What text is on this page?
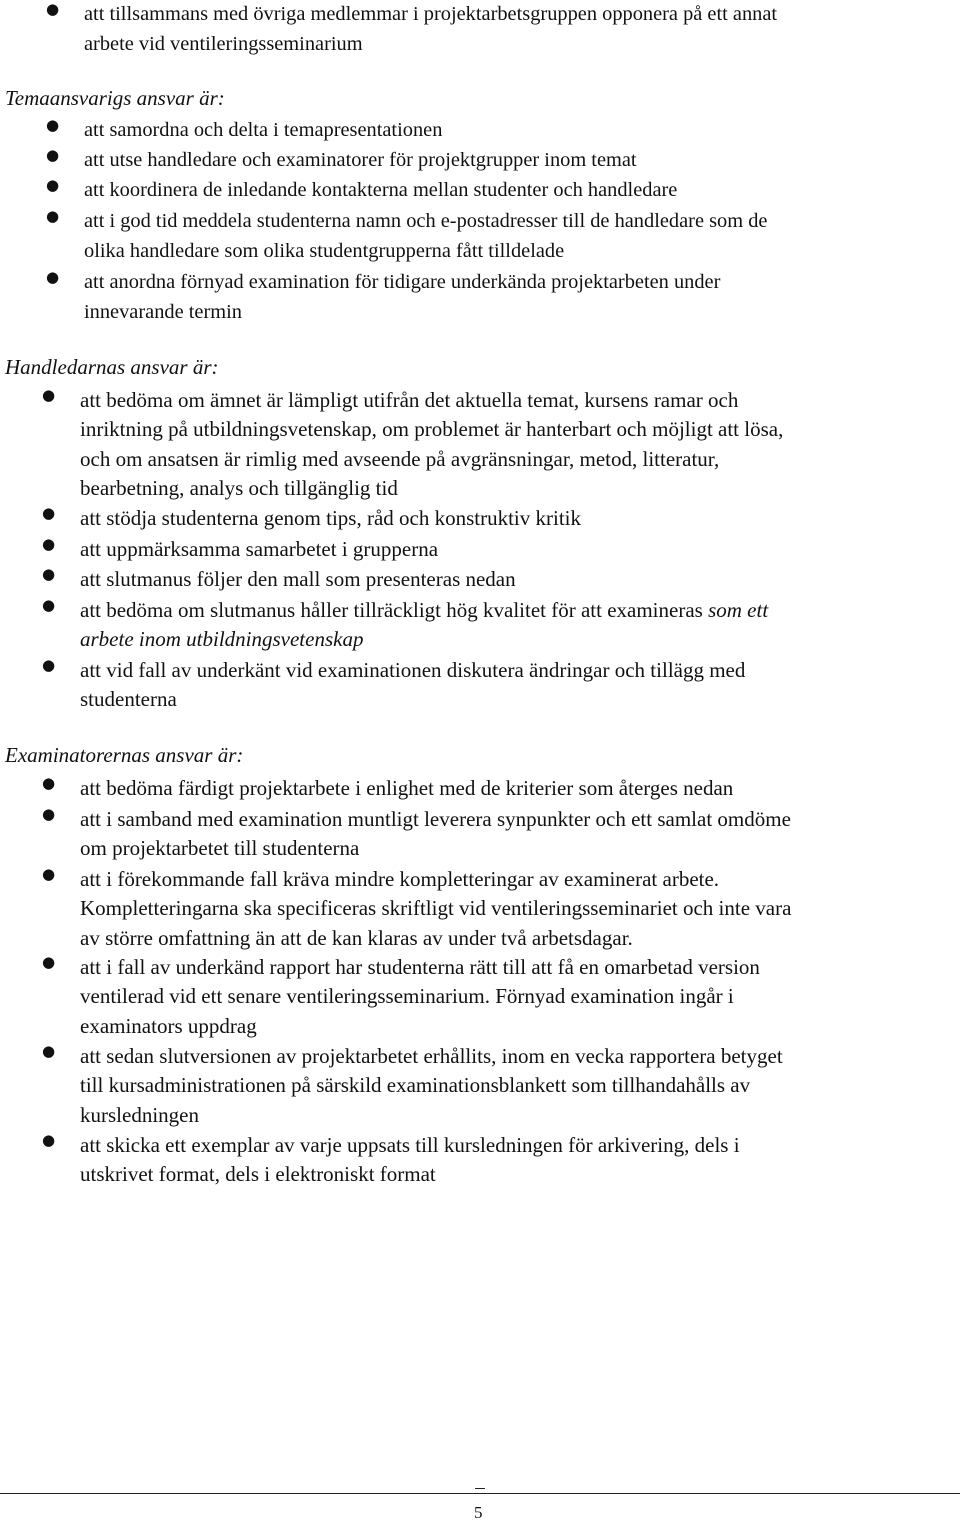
● att tillsammans med övriga medlemmar i projektarbetsgruppen opponera på ett annat
arbete vid ventileringsseminarium
Temaansvarigs ansvar är:
● att samordna och delta i temapresentationen
● att utse handledare och examinatorer för projektgrupper inom temat
● att koordinera de inledande kontakterna mellan studenter och handledare
● att i god tid meddela studenterna namn och e-postadresser till de handledare som de
olika handledare som olika studentgrupperna fått tilldelade
● att anordna förnyad examination för tidigare underkända projektarbeten under
innevarande termin
Handledarnas ansvar är:
● att bedöma om ämnet är lämpligt utifrån det aktuella temat, kursens ramar och
inriktning på utbildningsvetenskap, om problemet är hanterbart och möjligt att lösa,
och om ansatsen är rimlig med avseende på avgränsningar, metod, litteratur,
bearbetning, analys och tillgänglig tid
● att stödja studenterna genom tips, råd och konstruktiv kritik
● att uppmärksamma samarbetet i grupperna
● att slutmanus följer den mall som presenteras nedan
● att bedöma om slutmanus håller tillräckligt hög kvalitet för att examineras som ett
arbete inom utbildningsvetenskap
● att vid fall av underkänt vid examinationen diskutera ändringar och tillägg med
studenterna
Examinatorernas ansvar är:
● att bedöma färdigt projektarbete i enlighet med de kriterier som återges nedan
● att i samband med examination muntligt leverera synpunkter och ett samlat omdöme
om projektarbetet till studenterna
● att i förekommande fall kräva mindre kompletteringar av examinerat arbete.
Kompletteringarna ska specificeras skriftligt vid ventileringsseminariet och inte vara
av större omfattning än att de kan klaras av under två arbetsdagar.
● att i fall av underkänd rapport har studenterna rätt till att få en omarbetad version
ventilerad vid ett senare ventileringsseminarium. Förnyad examination ingår i
examinators uppdrag
● att sedan slutversionen av projektarbetet erhållits, inom en vecka rapportera betyget
till kursadministrationen på särskild examinationsblankett som tillhandahålls av
kursledningen
● att skicka ett exemplar av varje uppsats till kursledningen för arkivering, dels i
utskrivet format, dels i elektroniskt format
5
